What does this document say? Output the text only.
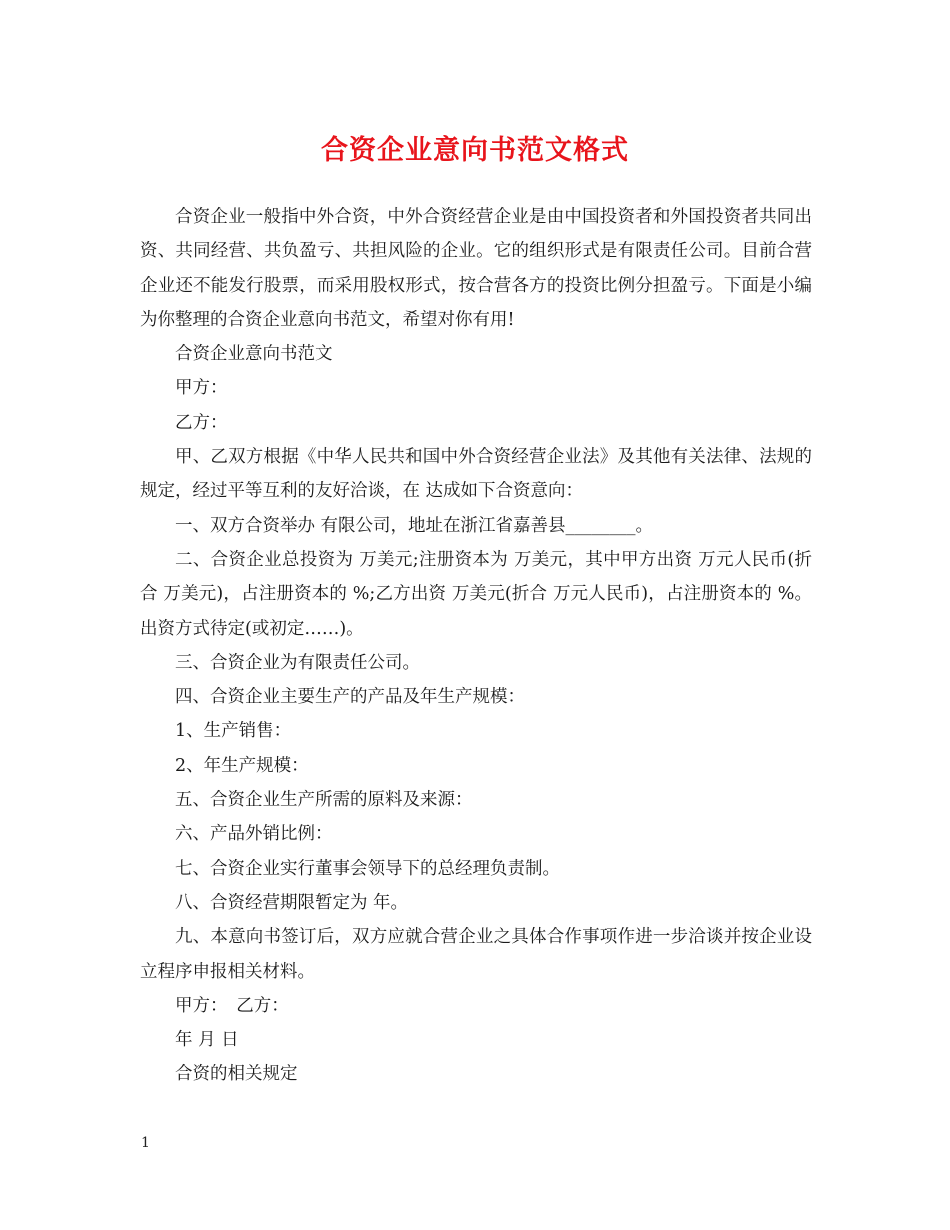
合资企业意向书范文格式

合资企业一般指中外合资，中外合资经营企业是由中国投资者和外国投资者共同出资、共同经营、共负盈亏、共担风险的企业。它的组织形式是有限责任公司。目前合营企业还不能发行股票，而采用股权形式，按合营各方的投资比例分担盈亏。下面是小编为你整理的合资企业意向书范文，希望对你有用!

合资企业意向书范文

甲方：

乙方：

甲、乙双方根据《中华人民共和国中外合资经营企业法》及其他有关法律、法规的规定，经过平等互利的友好洽谈，在 达成如下合资意向：

一、双方合资举办 有限公司，地址在浙江省嘉善县________。

二、合资企业总投资为 万美元;注册资本为 万美元，其中甲方出资 万元人民币(折合 万美元)，占注册资本的 %;乙方出资 万美元(折合 万元人民币)，占注册资本的 %。出资方式待定(或初定……)。

三、合资企业为有限责任公司。

四、合资企业主要生产的产品及年生产规模：

1、生产销售：

2、年生产规模：

五、合资企业生产所需的原料及来源：

六、产品外销比例：

七、合资企业实行董事会领导下的总经理负责制。

八、合资经营期限暂定为 年。

九、本意向书签订后，双方应就合营企业之具体合作事项作进一步洽谈并按企业设立程序申报相关材料。

甲方：　乙方：

年 月 日

合资的相关规定

1
